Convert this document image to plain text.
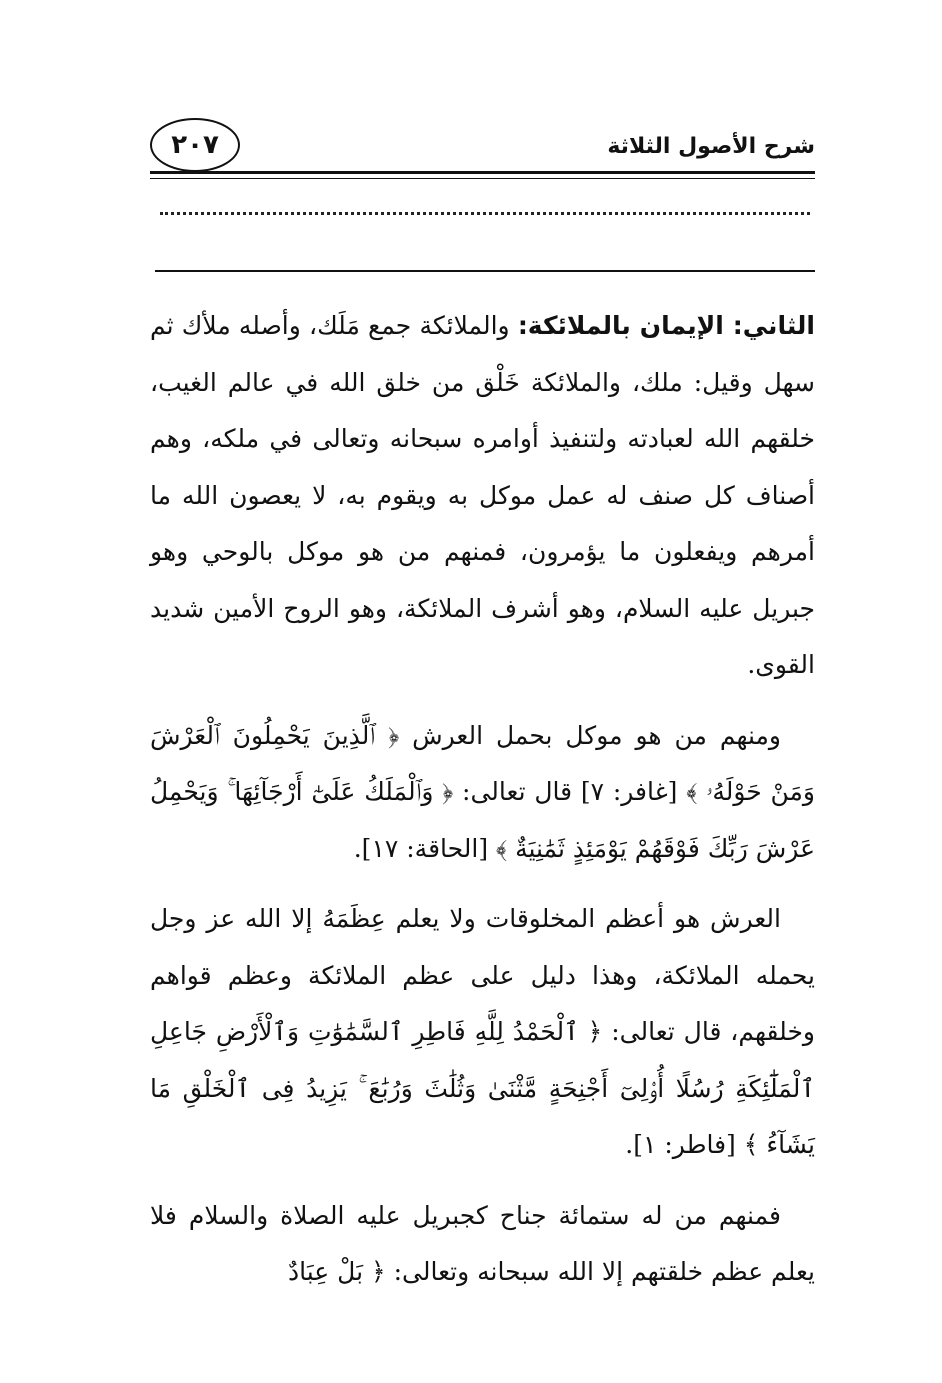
شرح الأصول الثلاثة
٢٠٧

الثاني: الإيمان بالملائكة: والملائكة جمع مَلَك، وأصله ملأك ثم سهل وقيل: ملك، والملائكة خَلْق من خلق الله في عالم الغيب، خلقهم الله لعبادته ولتنفيذ أوامره سبحانه وتعالى في ملكه، وهم أصناف كل صنف له عمل موكل به ويقوم به، لا يعصون الله ما أمرهم ويفعلون ما يؤمرون، فمنهم من هو موكل بالوحي وهو جبريل عليه السلام، وهو أشرف الملائكة، وهو الروح الأمين شديد القوى.

ومنهم من هو موكل بحمل العرش ﴿ ٱلَّذِينَ يَحْمِلُونَ ٱلْعَرْشَ وَمَنْ حَوْلَهُۥ ﴾ [غافر: ٧] قال تعالى: ﴿ وَٱلْمَلَكُ عَلَىٰٓ أَرْجَآئِهَا ۚ وَيَحْمِلُ عَرْشَ رَبِّكَ فَوْقَهُمْ يَوْمَئِذٍ ثَمَٰنِيَةٌ ﴾ [الحاقة: ١٧].

العرش هو أعظم المخلوقات ولا يعلم عِظَمَهُ إلا الله عز وجل يحمله الملائكة، وهذا دليل على عظم الملائكة وعظم قواهم وخلقهم، قال تعالى: ﴿ ٱلْحَمْدُ لِلَّهِ فَاطِرِ ٱلسَّمَٰوَٰتِ وَٱلْأَرْضِ جَاعِلِ ٱلْمَلَٰٓئِكَةِ رُسُلًا أُو۟لِىٓ أَجْنِحَةٍ مَّثْنَىٰ وَثُلَٰثَ وَرُبَٰعَ ۚ يَزِيدُ فِى ٱلْخَلْقِ مَا يَشَآءُ ﴾ [فاطر: ١].

فمنهم من له ستمائة جناح كجبريل عليه الصلاة والسلام فلا يعلم عظم خلقتهم إلا الله سبحانه وتعالى: ﴿ بَلْ عِبَادٌ
